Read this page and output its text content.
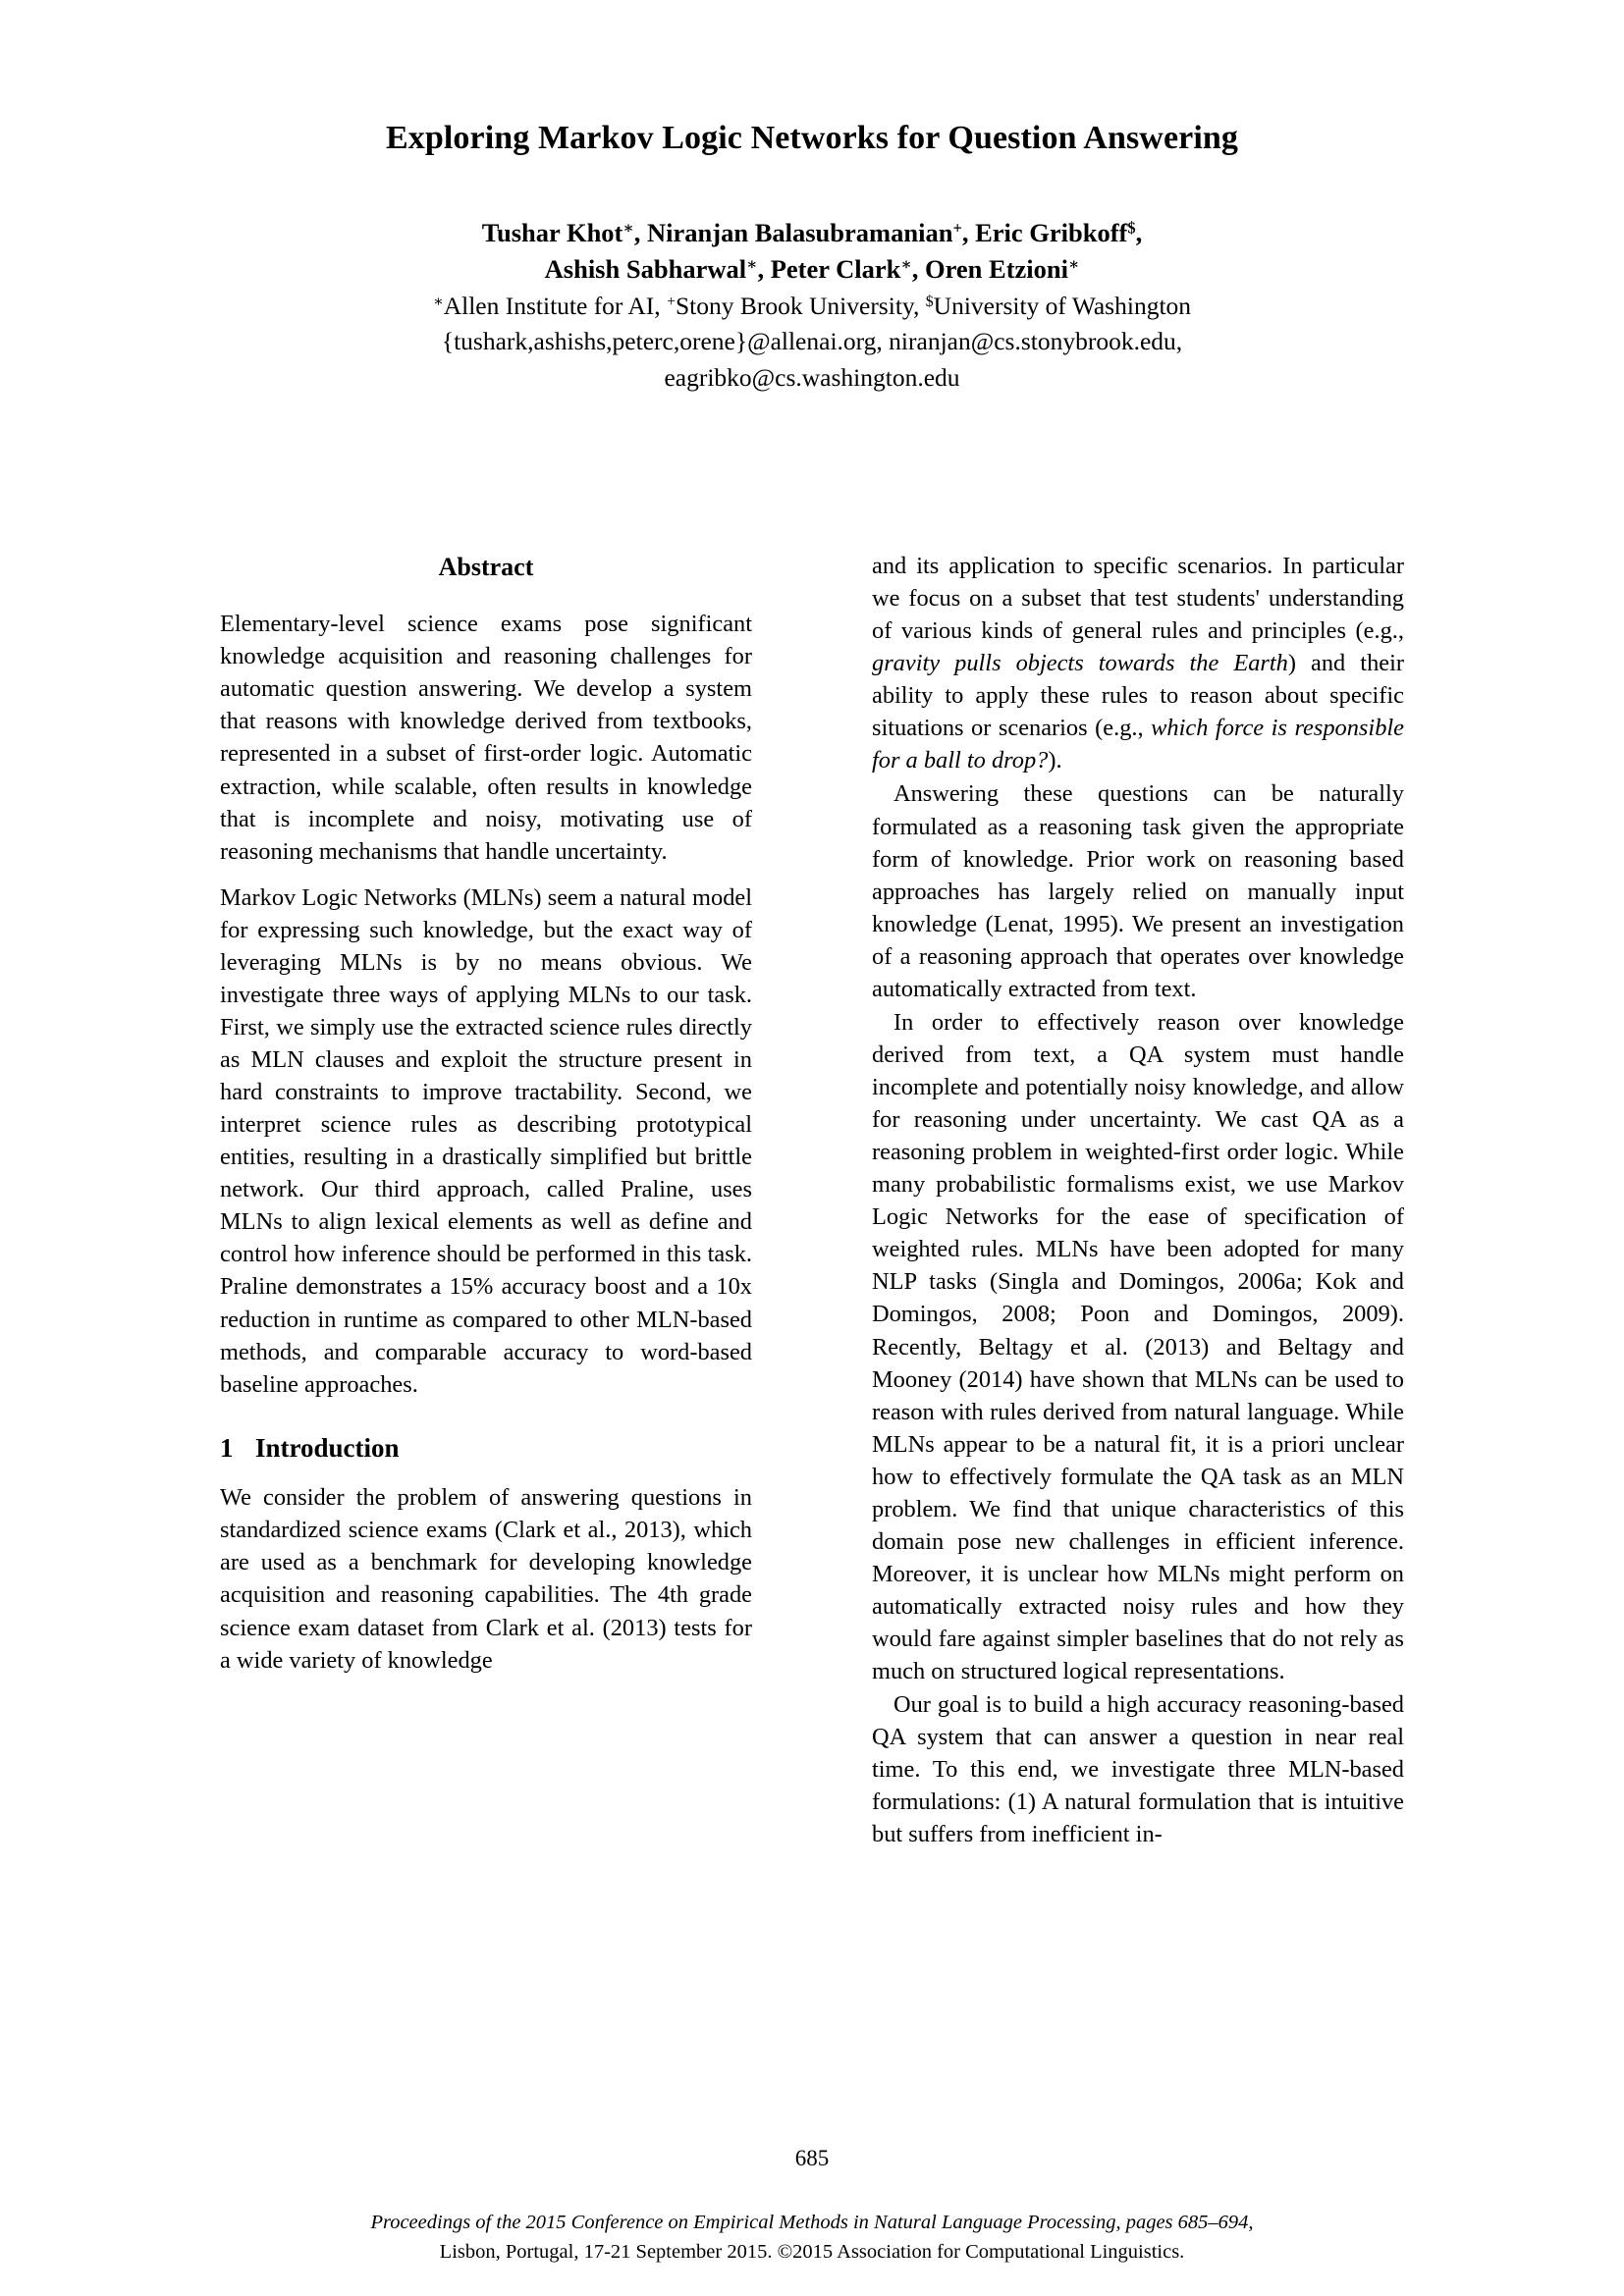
Exploring Markov Logic Networks for Question Answering
Tushar Khot∗, Niranjan Balasubramanian+, Eric Gribkoff$,
Ashish Sabharwal∗, Peter Clark∗, Oren Etzioni∗
∗Allen Institute for AI, +Stony Brook University, $University of Washington
{tushark,ashishs,peterc,orene}@allenai.org, niranjan@cs.stonybrook.edu,
eagribko@cs.washington.edu
Abstract

Elementary-level science exams pose significant knowledge acquisition and reasoning challenges for automatic question answering. We develop a system that reasons with knowledge derived from textbooks, represented in a subset of first-order logic. Automatic extraction, while scalable, often results in knowledge that is incomplete and noisy, motivating use of reasoning mechanisms that handle uncertainty.

Markov Logic Networks (MLNs) seem a natural model for expressing such knowledge, but the exact way of leveraging MLNs is by no means obvious. We investigate three ways of applying MLNs to our task. First, we simply use the extracted science rules directly as MLN clauses and exploit the structure present in hard constraints to improve tractability. Second, we interpret science rules as describing prototypical entities, resulting in a drastically simplified but brittle network. Our third approach, called Praline, uses MLNs to align lexical elements as well as define and control how inference should be performed in this task. Praline demonstrates a 15% accuracy boost and a 10x reduction in runtime as compared to other MLN-based methods, and comparable accuracy to word-based baseline approaches.

1 Introduction

We consider the problem of answering questions in standardized science exams (Clark et al., 2013), which are used as a benchmark for developing knowledge acquisition and reasoning capabilities. The 4th grade science exam dataset from Clark et al. (2013) tests for a wide variety of knowledge

and its application to specific scenarios. In particular we focus on a subset that test students' understanding of various kinds of general rules and principles (e.g., gravity pulls objects towards the Earth) and their ability to apply these rules to reason about specific situations or scenarios (e.g., which force is responsible for a ball to drop?).

Answering these questions can be naturally formulated as a reasoning task given the appropriate form of knowledge. Prior work on reasoning based approaches has largely relied on manually input knowledge (Lenat, 1995). We present an investigation of a reasoning approach that operates over knowledge automatically extracted from text.

In order to effectively reason over knowledge derived from text, a QA system must handle incomplete and potentially noisy knowledge, and allow for reasoning under uncertainty. We cast QA as a reasoning problem in weighted-first order logic. While many probabilistic formalisms exist, we use Markov Logic Networks for the ease of specification of weighted rules. MLNs have been adopted for many NLP tasks (Singla and Domingos, 2006a; Kok and Domingos, 2008; Poon and Domingos, 2009). Recently, Beltagy et al. (2013) and Beltagy and Mooney (2014) have shown that MLNs can be used to reason with rules derived from natural language. While MLNs appear to be a natural fit, it is a priori unclear how to effectively formulate the QA task as an MLN problem. We find that unique characteristics of this domain pose new challenges in efficient inference. Moreover, it is unclear how MLNs might perform on automatically extracted noisy rules and how they would fare against simpler baselines that do not rely as much on structured logical representations.

Our goal is to build a high accuracy reasoning-based QA system that can answer a question in near real time. To this end, we investigate three MLN-based formulations: (1) A natural formulation that is intuitive but suffers from inefficient in-

685
Proceedings of the 2015 Conference on Empirical Methods in Natural Language Processing, pages 685–694,
Lisbon, Portugal, 17-21 September 2015. ©2015 Association for Computational Linguistics.
